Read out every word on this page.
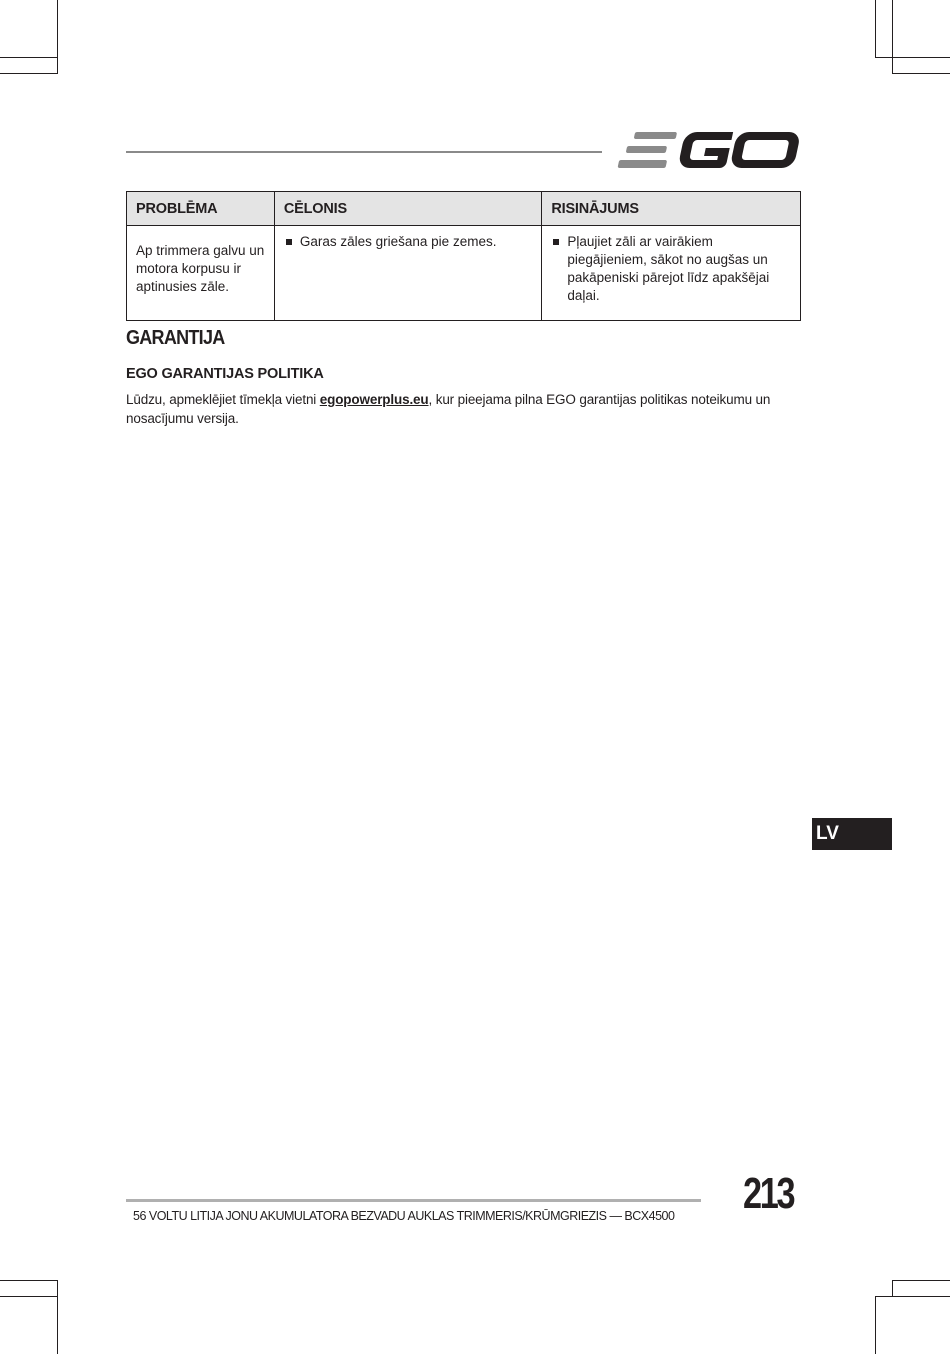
PROBLĒMA	CĒLONIS	RISINĀJUMS
Ap trimmera galvu un motora korpusu ir aptinusies zāle.	Garas zāles griešana pie zemes.	Pļaujiet zāli ar vairākiem piegājieniem, sākot no augšas un pakāpeniski pārejot līdz apakšējai daļai.
GARANTIJA
EGO GARANTIJAS POLITIKA
Lūdzu, apmeklējiet tīmekļa vietni egopowerplus.eu, kur pieejama pilna EGO garantijas politikas noteikumu un nosacījumu versija.
LV
56 VOLTU LITIJA JONU AKUMULATORA BEZVADU AUKLAS TRIMMERIS/KRŪMGRIEZIS — BCX4500 213
